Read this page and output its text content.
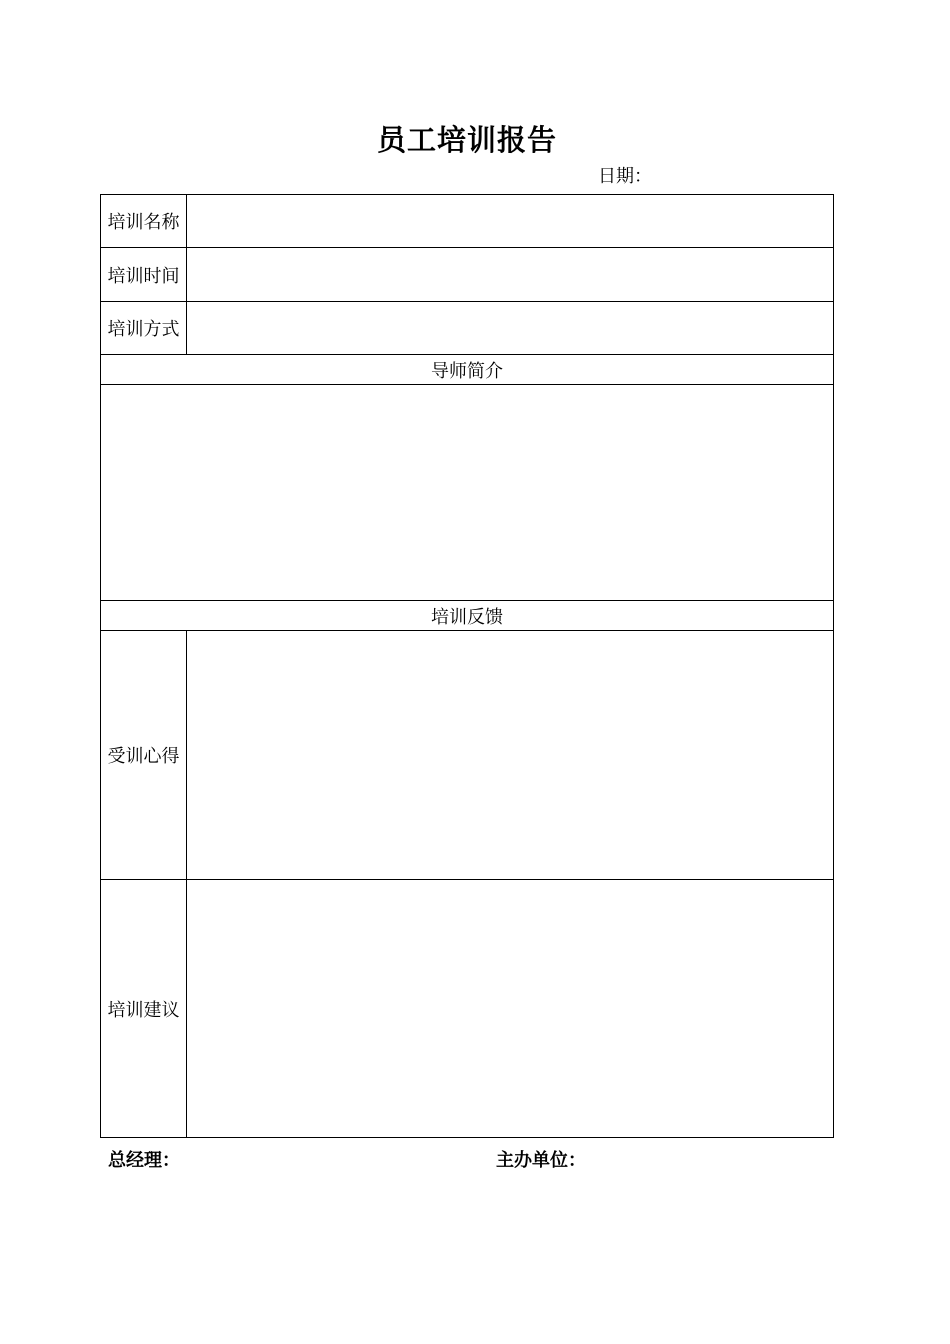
员工培训报告
日期：
培训名称	
培训时间	
培训方式	
导师简介	

培训反馈	
受训心得	
培训建议	
总经理：	主办单位：
